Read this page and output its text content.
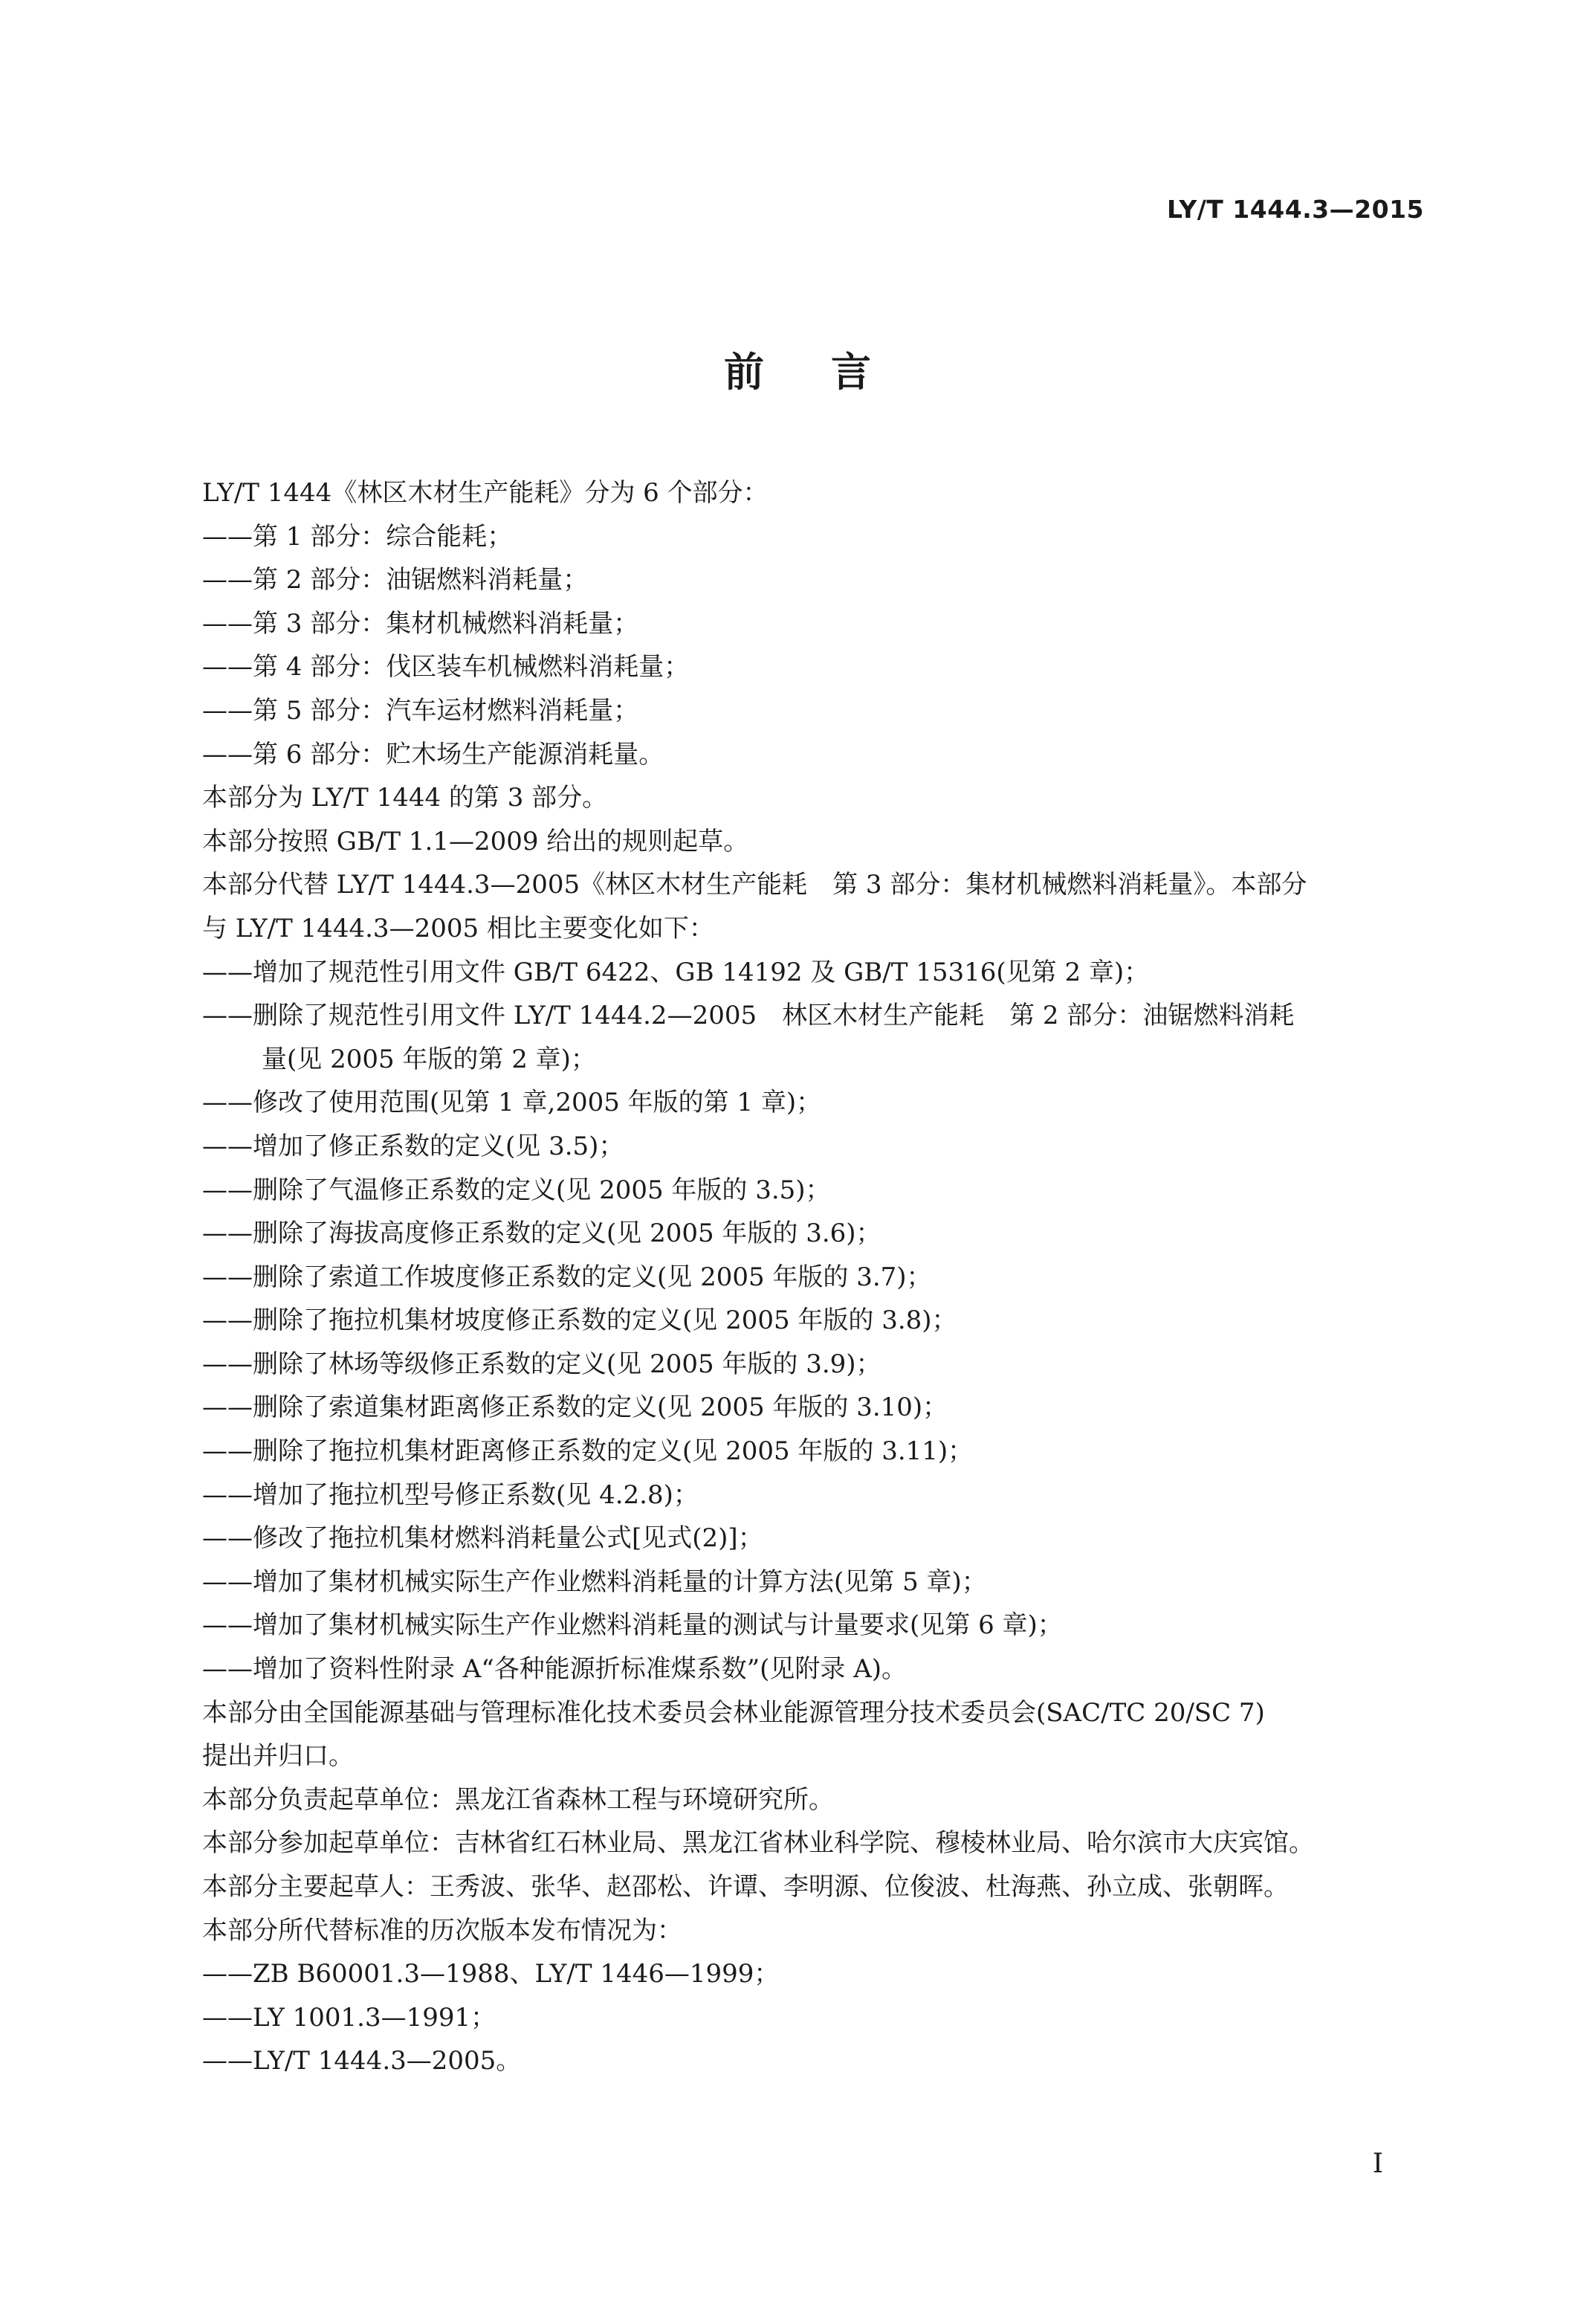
LY/T 1444.3—2015
前言
LY/T 1444《林区木材生产能耗》分为 6 个部分：
——第 1 部分：综合能耗；
——第 2 部分：油锯燃料消耗量；
——第 3 部分：集材机械燃料消耗量；
——第 4 部分：伐区装车机械燃料消耗量；
——第 5 部分：汽车运材燃料消耗量；
——第 6 部分：贮木场生产能源消耗量。
本部分为 LY/T 1444 的第 3 部分。
本部分按照 GB/T 1.1—2009 给出的规则起草。
本部分代替 LY/T 1444.3—2005《林区木材生产能耗　第 3 部分：集材机械燃料消耗量》。本部分
与 LY/T 1444.3—2005 相比主要变化如下：
——增加了规范性引用文件 GB/T 6422、GB 14192 及 GB/T 15316(见第 2 章)；
——删除了规范性引用文件 LY/T 1444.2—2005　林区木材生产能耗　第 2 部分：油锯燃料消耗
量(见 2005 年版的第 2 章)；
——修改了使用范围(见第 1 章,2005 年版的第 1 章)；
——增加了修正系数的定义(见 3.5)；
——删除了气温修正系数的定义(见 2005 年版的 3.5)；
——删除了海拔高度修正系数的定义(见 2005 年版的 3.6)；
——删除了索道工作坡度修正系数的定义(见 2005 年版的 3.7)；
——删除了拖拉机集材坡度修正系数的定义(见 2005 年版的 3.8)；
——删除了林场等级修正系数的定义(见 2005 年版的 3.9)；
——删除了索道集材距离修正系数的定义(见 2005 年版的 3.10)；
——删除了拖拉机集材距离修正系数的定义(见 2005 年版的 3.11)；
——增加了拖拉机型号修正系数(见 4.2.8)；
——修改了拖拉机集材燃料消耗量公式[见式(2)]；
——增加了集材机械实际生产作业燃料消耗量的计算方法(见第 5 章)；
——增加了集材机械实际生产作业燃料消耗量的测试与计量要求(见第 6 章)；
——增加了资料性附录 A“各种能源折标准煤系数”(见附录 A)。
本部分由全国能源基础与管理标准化技术委员会林业能源管理分技术委员会(SAC/TC 20/SC 7)
提出并归口。
本部分负责起草单位：黑龙江省森林工程与环境研究所。
本部分参加起草单位：吉林省红石林业局、黑龙江省林业科学院、穆棱林业局、哈尔滨市大庆宾馆。
本部分主要起草人：王秀波、张华、赵邵松、许谭、李明源、位俊波、杜海燕、孙立成、张朝晖。
本部分所代替标准的历次版本发布情况为：
——ZB B60001.3—1988、LY/T 1446—1999；
——LY 1001.3—1991；
——LY/T 1444.3—2005。
I
